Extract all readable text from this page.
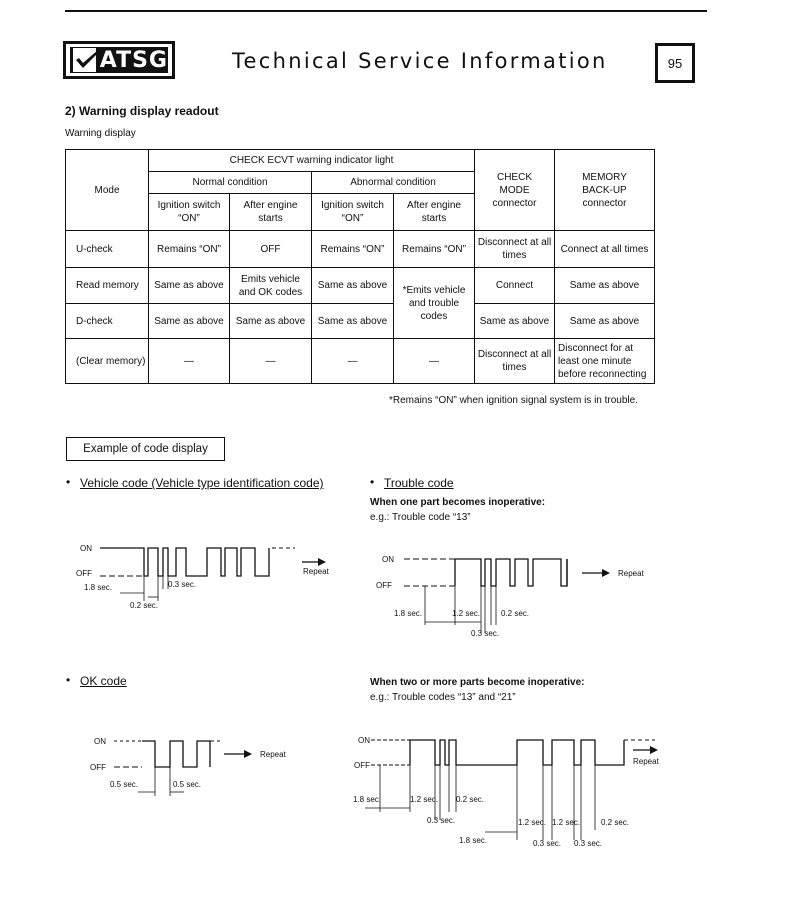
ATSG	Technical Service Information	95
2) Warning display readout
Warning display
Mode	CHECK ECVT warning indicator light				CHECK
MODE
connector	MEMORY
BACK-UP
connector
	Normal condition		Abnormal condition			
	Ignition switch “ON”	After engine starts	Ignition switch “ON”	After engine starts		
U-check	Remains “ON”	OFF	Remains “ON”	Remains “ON”	Disconnect at all times	Connect at all times
Read memory	Same as above	Emits vehicle and OK codes	Same as above	*Emits vehicle and trouble codes	Connect	Same as above
D-check	Same as above	Same as above	Same as above		Same as above	Same as above
(Clear memory)	—	—	—	—	Disconnect at all times	Disconnect for at least one minute before reconnecting
*Remains “ON” when ignition signal system is in trouble.
Example of code display
• Vehicle code (Vehicle type identification code)	• Trouble code
When one part becomes inoperative:
e.g.: Trouble code “13”
• OK code	When two or more parts become inoperative:
e.g.: Trouble codes “13” and “21”
ON
OFF	Repeat
1.8 sec.	0.3 sec.
0.2 sec.
ON
OFF
Repeat
1.8 sec.	1.2 sec.	0.2 sec.
0.3 sec.
ON
OFF
Repeat
0.5 sec.	0.5 sec.
ON
OFF	Repeat
1.8 sec.	1.2 sec. 0.2 sec.
0.3 sec.	1.2 sec. 1.2 sec.	0.2 sec.
1.8 sec.	0.3 sec. 0.3 sec.
